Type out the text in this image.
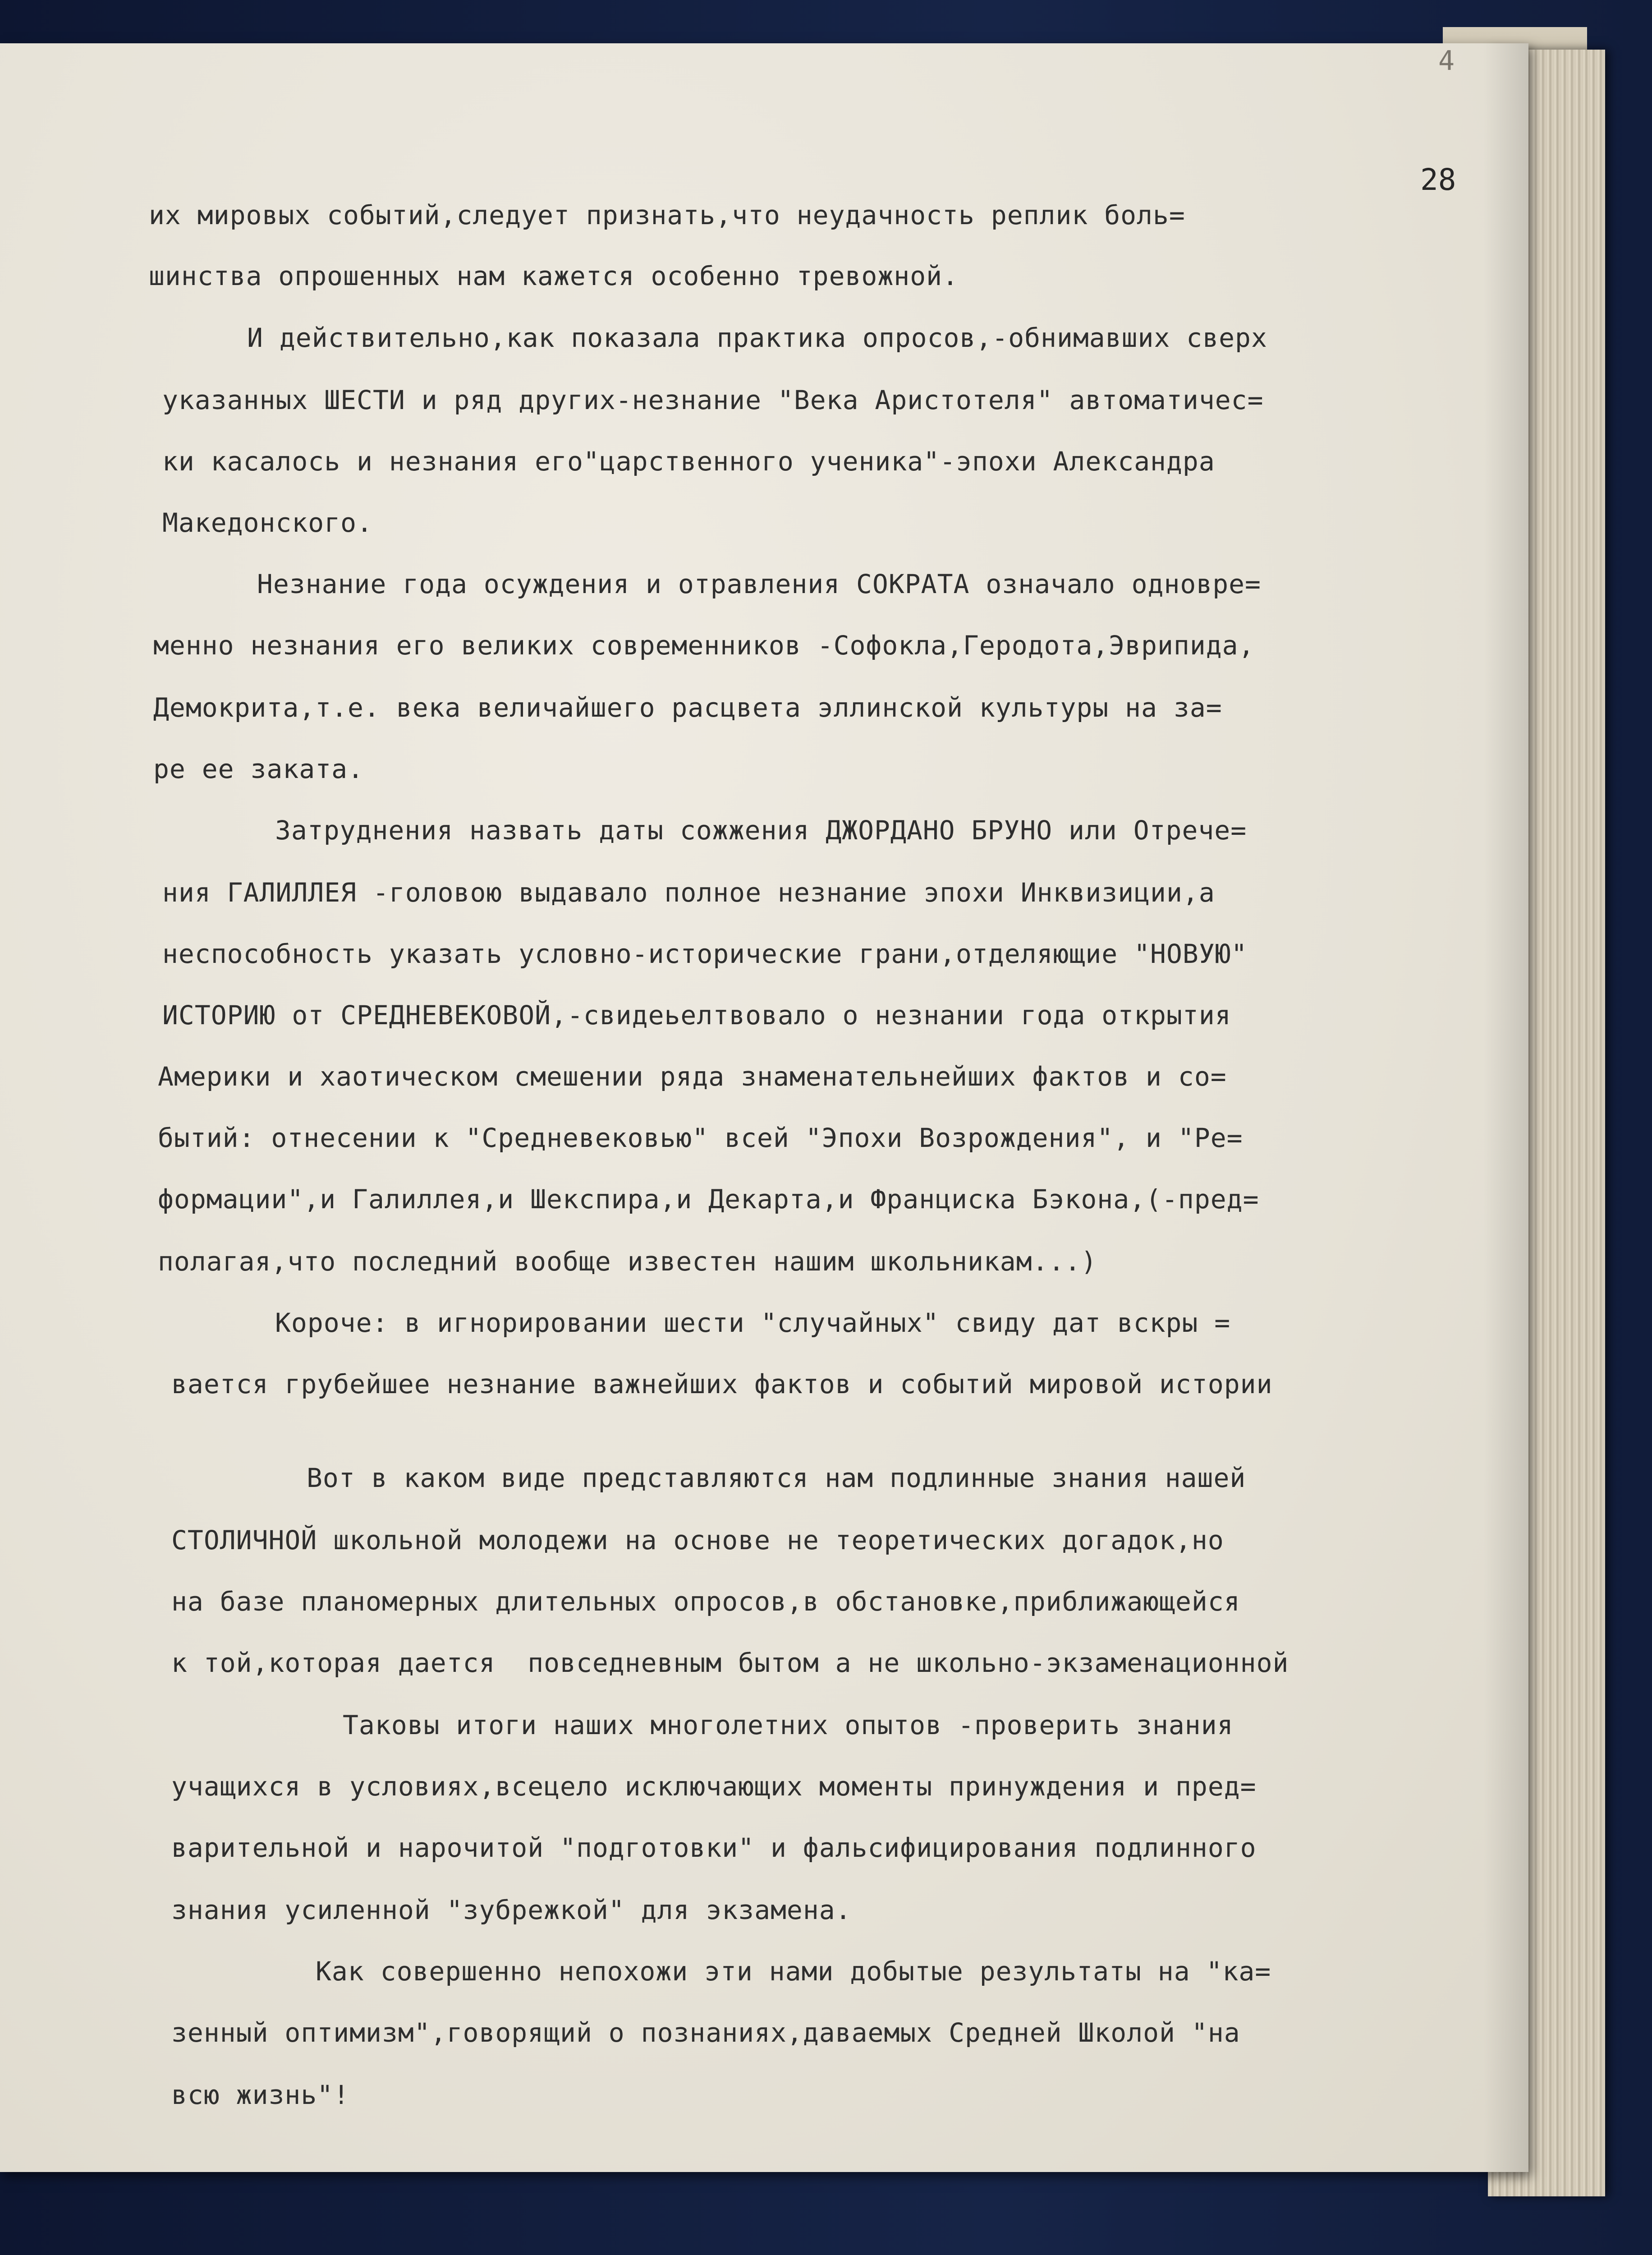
4
28

их мировых событий,следует признать,что неудачность реплик боль=

шинства опрошенных нам кажется особенно тревожной.

И действительно,как показала практика опросов,-обнимавших сверх

указанных ШЕСТИ и ряд других-незнание "Века Аристотеля" автоматичес=

ки касалось и незнания его"царственного ученика"-эпохи Александра

Македонского.

Незнание года осуждения и отравления СОКРАТА означало одновре=

менно незнания его великих современников -Софокла,Геродота,Эврипида,

Демокрита,т.е. века величайшего расцвета эллинской культуры на за=

ре ее заката.

Затруднения назвать даты сожжения ДЖОРДАНО БРУНО или Отрече=

ния ГАЛИЛЛЕЯ -головою выдавало полное незнание эпохи Инквизиции,а

неспособность указать условно-исторические грани,отделяющие "НОВУЮ"

ИСТОРИЮ от СРЕДНЕВЕКОВОЙ,-свидеьелтвовало о незнании года открытия

Америки и хаотическом смешении ряда знаменательнейших фактов и со=

бытий: отнесении к "Средневековью" всей "Эпохи Возрождения", и "Ре=

формации",и Галиллея,и Шекспира,и Декарта,и Франциска Бэкона,(-пред=

полагая,что последний вообще известен нашим школьникам...)

Короче: в игнорировании шести "случайных" свиду дат вскры =

вается грубейшее незнание важнейших фактов и событий мировой истории

Вот в каком виде представляются нам подлинные знания нашей

СТОЛИЧНОЙ школьной молодежи на основе не теоретических догадок,но

на базе планомерных длительных опросов,в обстановке,приближающейся

к той,которая дается  повседневным бытом а не школьно-экзаменационной

Таковы итоги наших многолетних опытов -проверить знания

учащихся в условиях,всецело исключающих моменты принуждения и пред=

варительной и нарочитой "подготовки" и фальсифицирования подлинного

знания усиленной "зубрежкой" для экзамена.

Как совершенно непохожи эти нами добытые результаты на "ка=

зенный оптимизм",говорящий о познаниях,даваемых Средней Школой "на

всю жизнь"!
